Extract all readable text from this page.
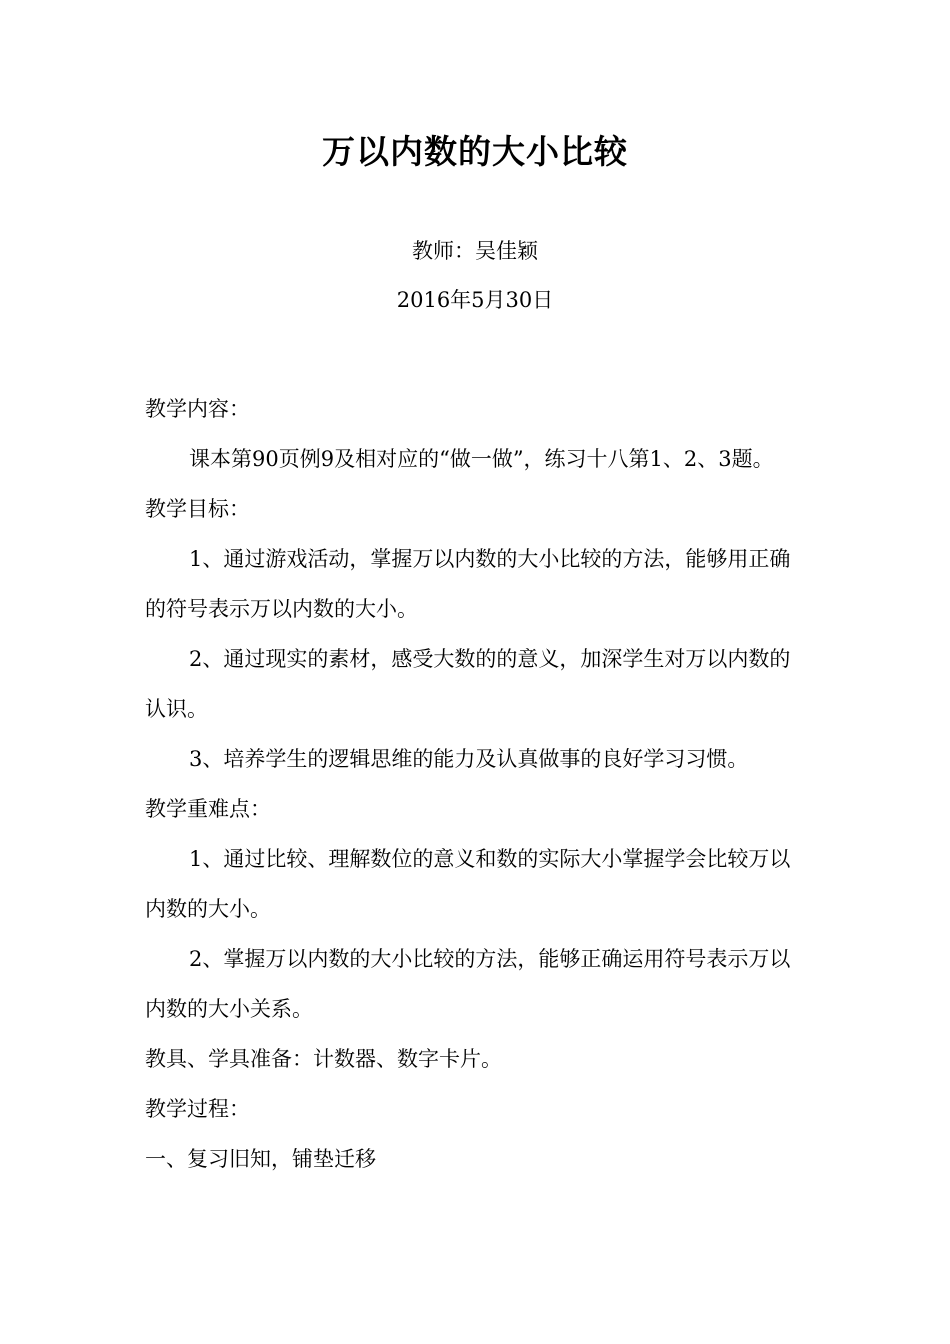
万以内数的大小比较
教师：吴佳颖
2016年5月30日

教学内容：

课本第90页例9及相对应的“做一做”，练习十八第1、2、3题。

教学目标：

1、通过游戏活动，掌握万以内数的大小比较的方法，能够用正确的符号表示万以内数的大小。

2、通过现实的素材，感受大数的的意义，加深学生对万以内数的认识。

3、培养学生的逻辑思维的能力及认真做事的良好学习习惯。

教学重难点：

1、通过比较、理解数位的意义和数的实际大小掌握学会比较万以内数的大小。

2、掌握万以内数的大小比较的方法，能够正确运用符号表示万以内数的大小关系。

教具、学具准备：计数器、数字卡片。

教学过程：

一、复习旧知，铺垫迁移
